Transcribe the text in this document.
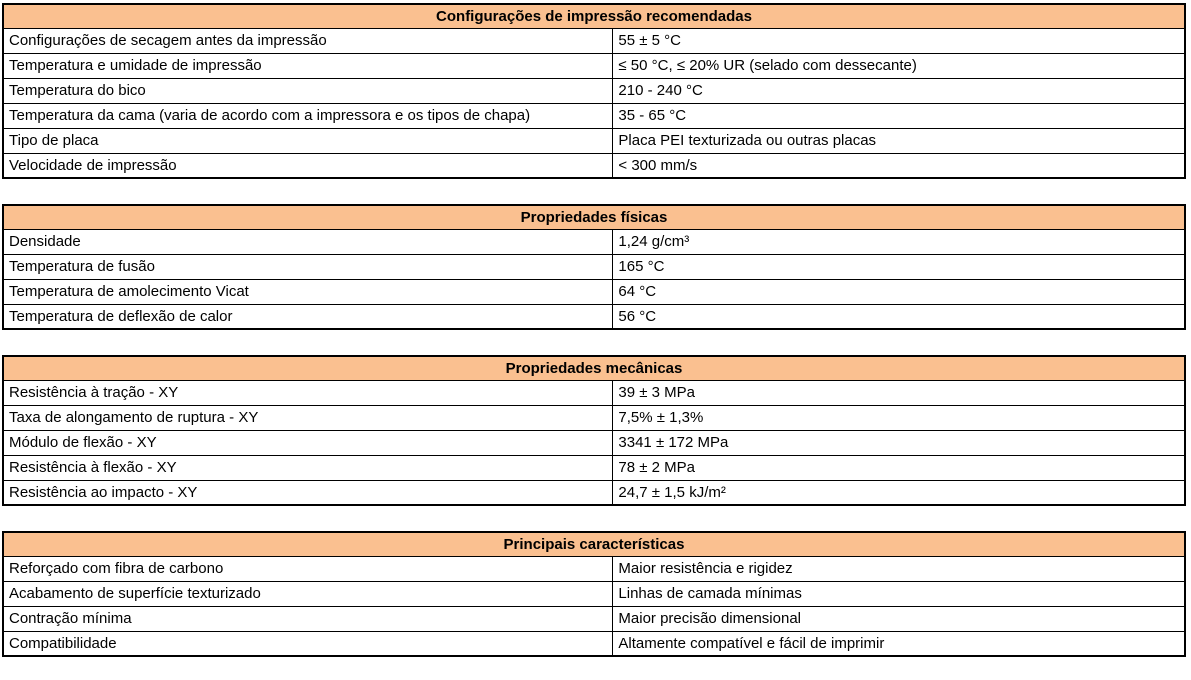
Configurações de impressão recomendadas	
Configurações de secagem antes da impressão	55 ± 5 °C
Temperatura e umidade de impressão	≤ 50 °C, ≤ 20% UR (selado com dessecante)
Temperatura do bico	210 - 240 °C
Temperatura da cama (varia de acordo com a impressora e os tipos de chapa)	35 - 65 °C
Tipo de placa	Placa PEI texturizada ou outras placas
Velocidade de impressão	< 300 mm/s
Propriedades físicas	
Densidade	1,24 g/cm³
Temperatura de fusão	165 °C
Temperatura de amolecimento Vicat	64 °C
Temperatura de deflexão de calor	56 °C
Propriedades mecânicas	
Resistência à tração - XY	39 ± 3 MPa
Taxa de alongamento de ruptura - XY	7,5% ± 1,3%
Módulo de flexão - XY	3341 ± 172 MPa
Resistência à flexão - XY	78 ± 2 MPa
Resistência ao impacto - XY	24,7 ± 1,5 kJ/m²
Principais características	
Reforçado com fibra de carbono	Maior resistência e rigidez
Acabamento de superfície texturizado	Linhas de camada mínimas
Contração mínima	Maior precisão dimensional
Compatibilidade	Altamente compatível e fácil de imprimir
